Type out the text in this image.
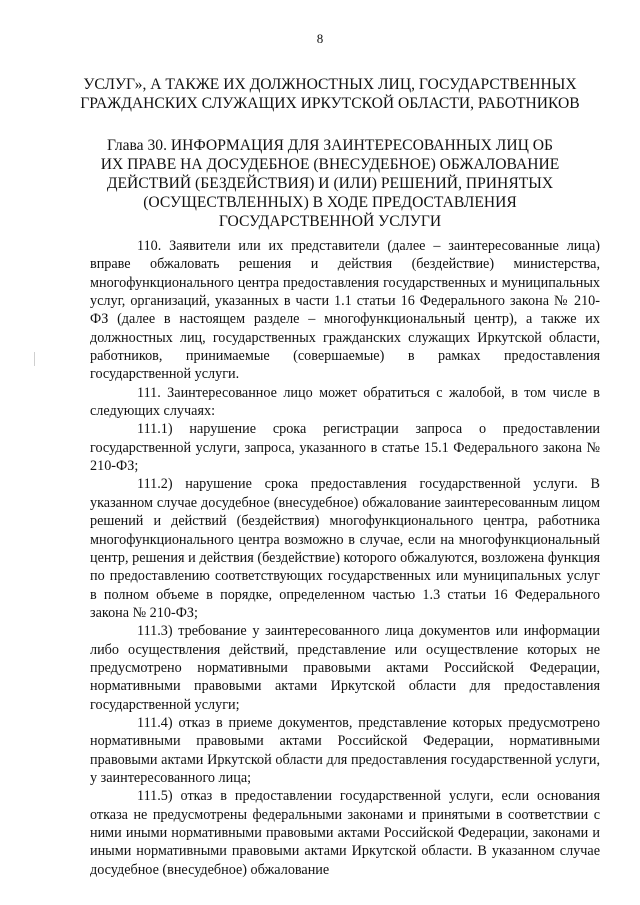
8
УСЛУГ», А ТАКЖЕ ИХ ДОЛЖНОСТНЫХ ЛИЦ, ГОСУДАРСТВЕННЫХ ГРАЖДАНСКИХ СЛУЖАЩИХ ИРКУТСКОЙ ОБЛАСТИ, РАБОТНИКОВ
Глава 30. ИНФОРМАЦИЯ ДЛЯ ЗАИНТЕРЕСОВАННЫХ ЛИЦ ОБ ИХ ПРАВЕ НА ДОСУДЕБНОЕ (ВНЕСУДЕБНОЕ) ОБЖАЛОВАНИЕ ДЕЙСТВИЙ (БЕЗДЕЙСТВИЯ) И (ИЛИ) РЕШЕНИЙ, ПРИНЯТЫХ (ОСУЩЕСТВЛЕННЫХ) В ХОДЕ ПРЕДОСТАВЛЕНИЯ ГОСУДАРСТВЕННОЙ УСЛУГИ

110. Заявители или их представители (далее – заинтересованные лица) вправе обжаловать решения и действия (бездействие) министерства, многофункционального центра предоставления государственных и муниципальных услуг, организаций, указанных в части 1.1 статьи 16 Федерального закона № 210-ФЗ (далее в настоящем разделе – многофункциональный центр), а также их должностных лиц, государственных гражданских служащих Иркутской области, работников, принимаемые (совершаемые) в рамках предоставления государственной услуги.

111. Заинтересованное лицо может обратиться с жалобой, в том числе в следующих случаях:

111.1) нарушение срока регистрации запроса о предоставлении государственной услуги, запроса, указанного в статье 15.1 Федерального закона № 210-ФЗ;

111.2) нарушение срока предоставления государственной услуги. В указанном случае досудебное (внесудебное) обжалование заинтересованным лицом решений и действий (бездействия) многофункционального центра, работника многофункционального центра возможно в случае, если на многофункциональный центр, решения и действия (бездействие) которого обжалуются, возложена функция по предоставлению соответствующих государственных или муниципальных услуг в полном объеме в порядке, определенном частью 1.3 статьи 16 Федерального закона № 210-ФЗ;

111.3) требование у заинтересованного лица документов или информации либо осуществления действий, представление или осуществление которых не предусмотрено нормативными правовыми актами Российской Федерации, нормативными правовыми актами Иркутской области для предоставления государственной услуги;

111.4) отказ в приеме документов, представление которых предусмотрено нормативными правовыми актами Российской Федерации, нормативными правовыми актами Иркутской области для предоставления государственной услуги, у заинтересованного лица;

111.5) отказ в предоставлении государственной услуги, если основания отказа не предусмотрены федеральными законами и принятыми в соответствии с ними иными нормативными правовыми актами Российской Федерации, законами и иными нормативными правовыми актами Иркутской области. В указанном случае досудебное (внесудебное) обжалование
